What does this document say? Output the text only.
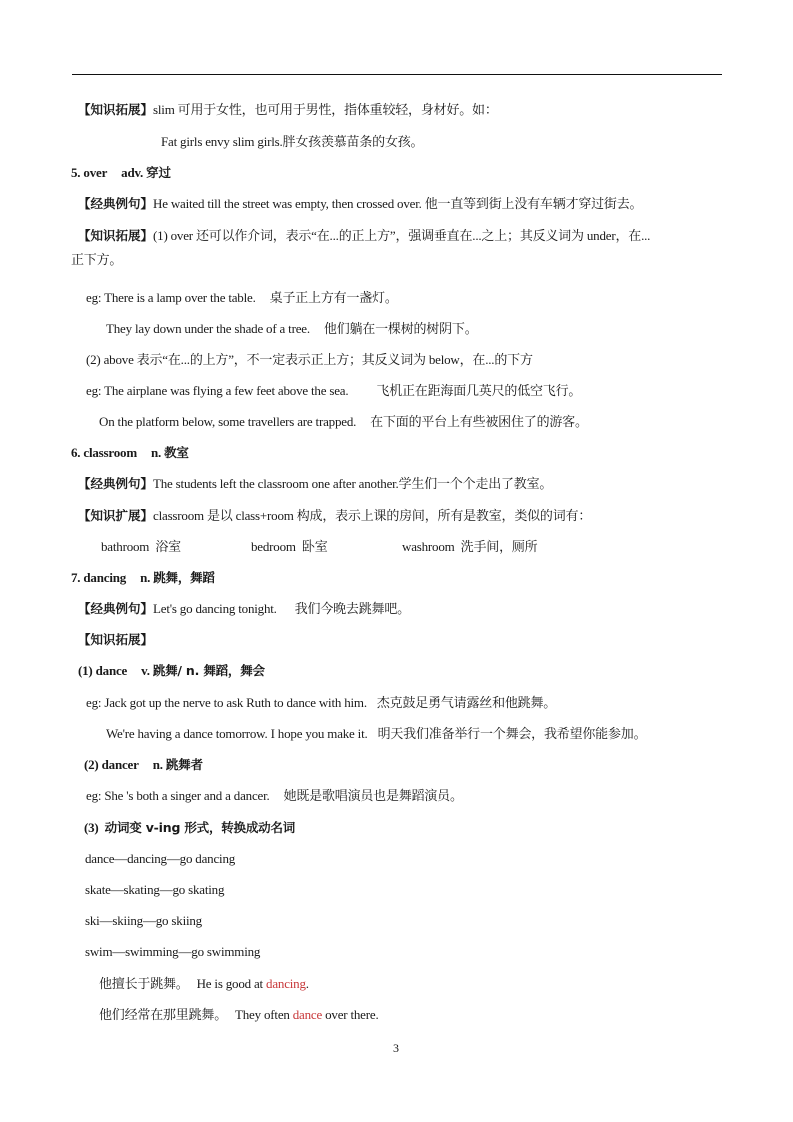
【知识拓展】slim 可用于女性，也可用于男性，指体重较轻，身材好。如：
Fat girls envy slim girls.胖女孩羡慕苗条的女孩。
5. over adv. 穿过
【经典例句】He waited till the street was empty, then crossed over. 他一直等到街上没有车辆才穿过街去。
【知识拓展】(1) over 还可以作介词，表示“在...的正上方”，强调垂直在...之上；其反义词为 under，在...
正下方。
eg: There is a lamp over the table. 桌子正上方有一盏灯。
They lay down under the shade of a tree. 他们躺在一棵树的树阴下。
(2) above 表示“在...的上方”，不一定表示正上方；其反义词为 below，在...的下方
eg: The airplane was flying a few feet above the sea. 飞机正在距海面几英尺的低空飞行。
On the platform below, some travellers are trapped. 在下面的平台上有些被困住了的游客。
6. classroom n. 教室
【经典例句】The students left the classroom one after another.学生们一个个走出了教室。
【知识扩展】classroom 是以 class+room 构成，表示上课的房间，所有是教室，类似的词有：
bathroom 浴室	bedroom 卧室	washroom 洗手间，厕所
7. dancing n. 跳舞，舞蹈
【经典例句】Let's go dancing tonight. 我们今晚去跳舞吧。
【知识拓展】
(1) dance v. 跳舞/ n. 舞蹈，舞会
eg: Jack got up the nerve to ask Ruth to dance with him. 杰克鼓足勇气请露丝和他跳舞。
We're having a dance tomorrow. I hope you make it. 明天我们准备举行一个舞会，我希望你能参加。
(2) dancer n. 跳舞者
eg: She 's both a singer and a dancer. 她既是歌唱演员也是舞蹈演员。
(3) 动词变 v-ing 形式，转换成动名词
dance—dancing—go dancing
skate—skating—go skating
ski—skiing—go skiing
swim—swimming—go swimming
他擅长于跳舞。 He is good at dancing.
他们经常在那里跳舞。 They often dance over there.
3
